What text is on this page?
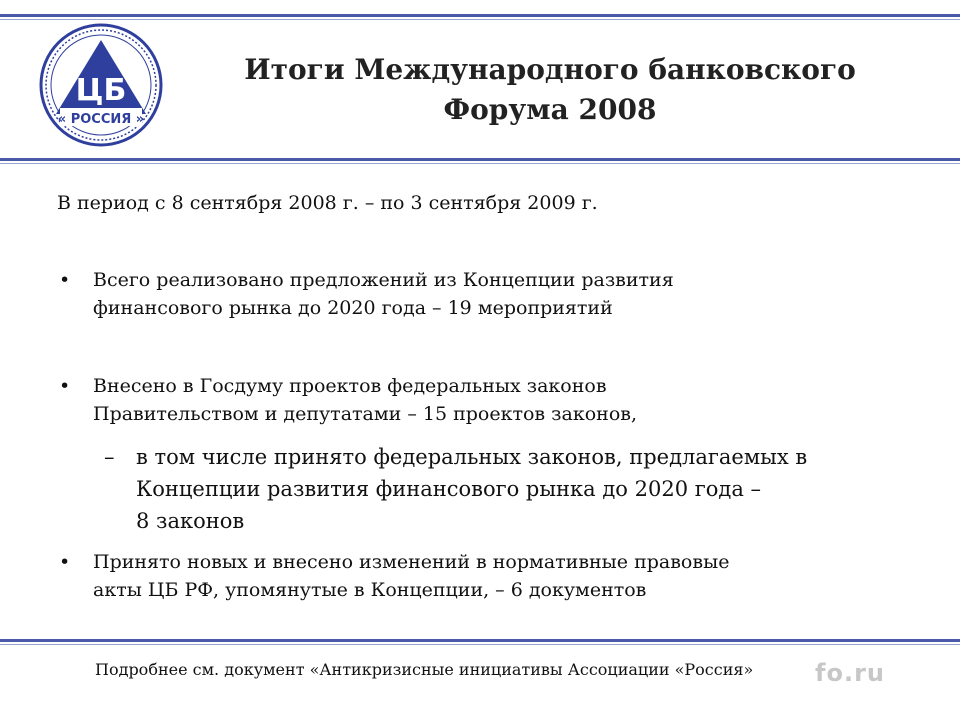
ЦБ
« РОССИЯ »
Итоги Международного банковского
Форума 2008
В период с 8 сентября 2008 г. – по 3 сентября 2009 г.
• Всего реализовано предложений из Концепции развития
финансового рынка до 2020 года – 19 мероприятий
• Внесено в Госдуму проектов федеральных законов
Правительством и депутатами – 15 проектов законов,
– в том числе принято федеральных законов, предлагаемых в
Концепции развития финансового рынка до 2020 года –
8 законов
• Принято новых и внесено изменений в нормативные правовые
акты ЦБ РФ, упомянутые в Концепции, – 6 документов
Подробнее см. документ «Антикризисные инициативы Ассоциации «Россия»	fo.ru
